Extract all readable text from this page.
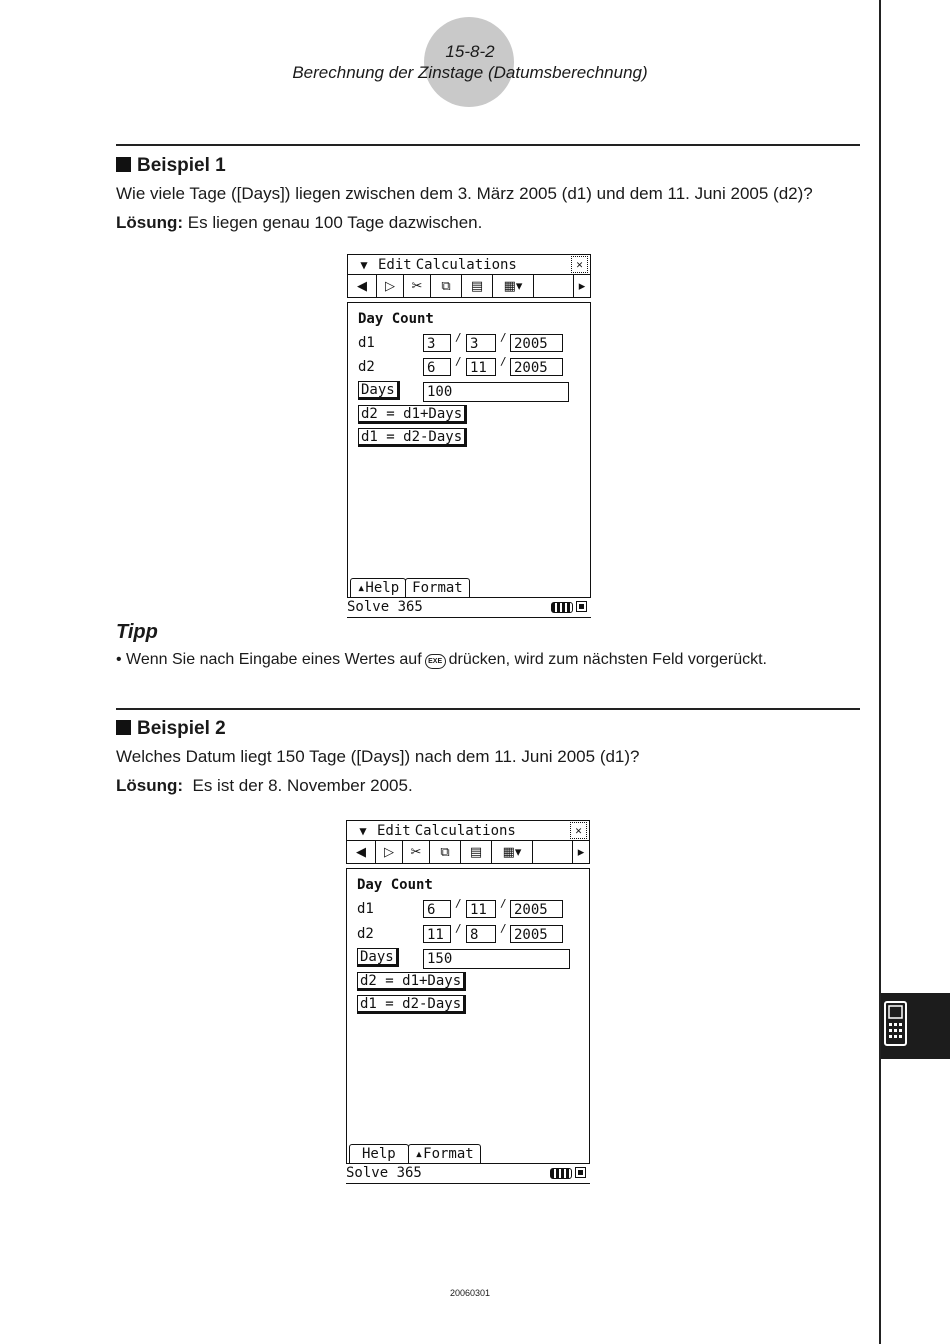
15-8-2
Berechnung der Zinstage (Datumsberechnung)
Beispiel 1
Wie viele Tage ([Days]) liegen zwischen dem 3. März 2005 (d1) und dem 11. Juni 2005 (d2)?
Lösung: Es liegen genau 100 Tage dazwischen.
▼ Edit Calculations	✕
◀	▷	✂	⧉	▤	▦▾	▸
Day Count
d1	3	/ 3	/ 2005
d2	6	/ 11	/ 2005
Days	100
d2 = d1+Days
d1 = d2-Days
▴Help Format
Solve 365
Tipp
• Wenn Sie nach Eingabe eines Wertes auf EXE drücken, wird zum nächsten Feld vorgerückt.
Beispiel 2
Welches Datum liegt 150 Tage ([Days]) nach dem 11. Juni 2005 (d1)?
Lösung: Es ist der 8. November 2005.
▼ Edit Calculations	✕
◀	▷	✂	⧉	▤	▦▾	▸
Day Count
d1	6	/ 11	/ 2005
d2	11	/ 8	/ 2005
Days	150
d2 = d1+Days
d1 = d2-Days
Help	▴Format
Solve 365
20060301
